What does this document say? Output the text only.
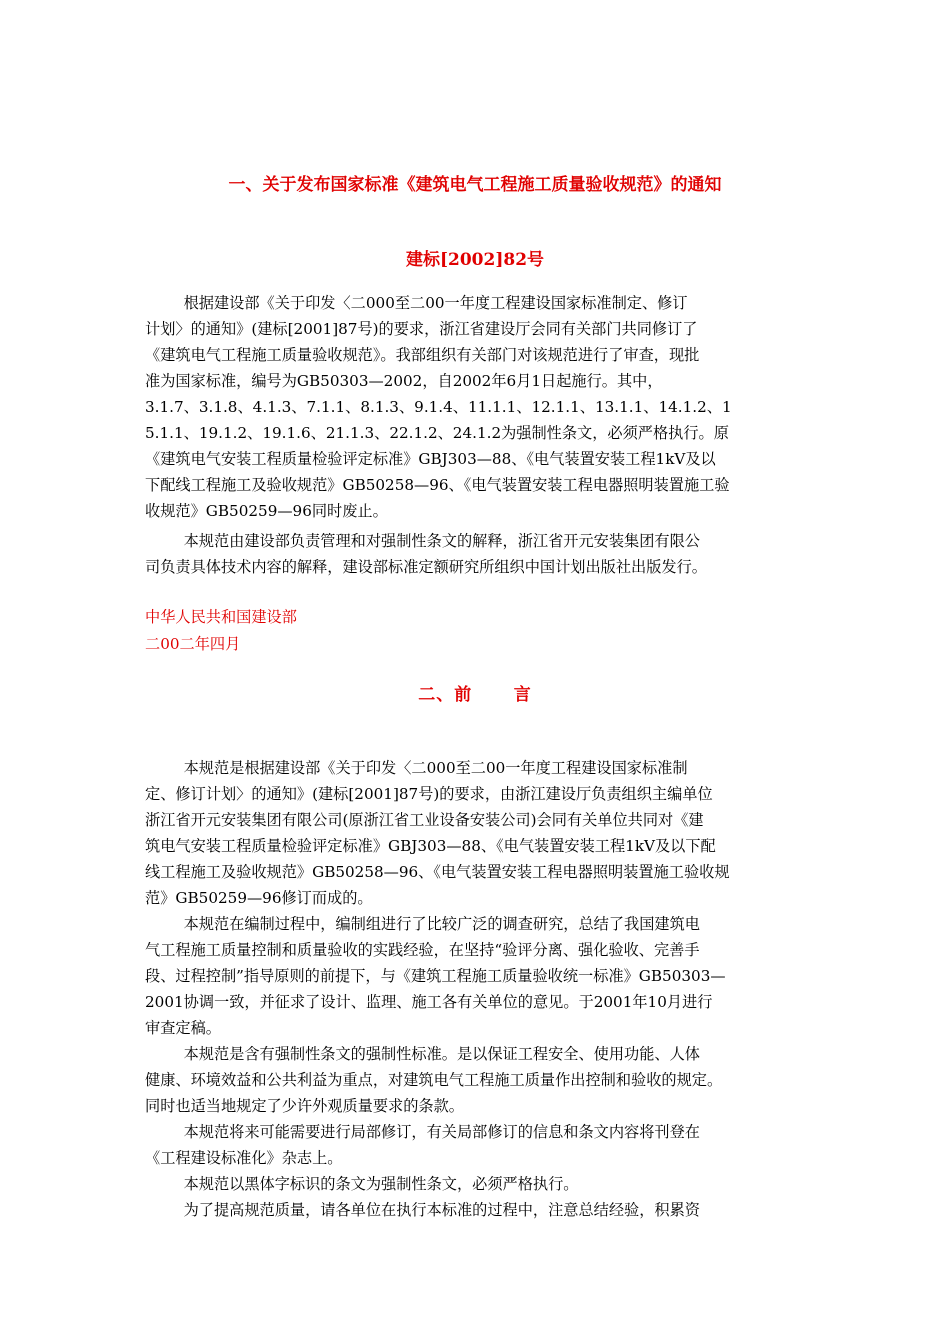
一、关于发布国家标准《建筑电气工程施工质量验收规范》的通知
建标[2002]82号
根据建设部《关于印发〈二000至二00一年度工程建设国家标准制定、修订
计划〉的通知》(建标[2001]87号)的要求，浙江省建设厅会同有关部门共同修订了
《建筑电气工程施工质量验收规范》。我部组织有关部门对该规范进行了审查，现批
准为国家标准，编号为GB50303—2002，自2002年6月1日起施行。其中，
3.1.7、3.1.8、4.1.3、7.1.1、8.1.3、9.1.4、11.1.1、12.1.1、13.1.1、14.1.2、1
5.1.1、19.1.2、19.1.6、21.1.3、22.1.2、24.1.2为强制性条文，必须严格执行。原
《建筑电气安装工程质量检验评定标准》GBJ303—88、《电气装置安装工程1kV及以
下配线工程施工及验收规范》GB50258—96、《电气装置安装工程电器照明装置施工验
收规范》GB50259—96同时废止。
本规范由建设部负责管理和对强制性条文的解释，浙江省开元安装集团有限公
司负责具体技术内容的解释，建设部标准定额研究所组织中国计划出版社出版发行。
中华人民共和国建设部
二00二年四月
二、前      言
本规范是根据建设部《关于印发〈二000至二00一年度工程建设国家标准制
定、修订计划〉的通知》(建标[2001]87号)的要求，由浙江建设厅负责组织主编单位
浙江省开元安装集团有限公司(原浙江省工业设备安装公司)会同有关单位共同对《建
筑电气安装工程质量检验评定标准》GBJ303—88、《电气装置安装工程1kV及以下配
线工程施工及验收规范》GB50258—96、《电气装置安装工程电器照明装置施工验收规
范》GB50259—96修订而成的。
本规范在编制过程中，编制组进行了比较广泛的调查研究，总结了我国建筑电
气工程施工质量控制和质量验收的实践经验，在坚持“验评分离、强化验收、完善手
段、过程控制”指导原则的前提下，与《建筑工程施工质量验收统一标准》GB50303—
2001协调一致，并征求了设计、监理、施工各有关单位的意见。于2001年10月进行
审查定稿。
本规范是含有强制性条文的强制性标准。是以保证工程安全、使用功能、人体
健康、环境效益和公共利益为重点，对建筑电气工程施工质量作出控制和验收的规定。
同时也适当地规定了少许外观质量要求的条款。
本规范将来可能需要进行局部修订，有关局部修订的信息和条文内容将刊登在
《工程建设标准化》杂志上。
本规范以黑体字标识的条文为强制性条文，必须严格执行。
为了提高规范质量，请各单位在执行本标准的过程中，注意总结经验，积累资
